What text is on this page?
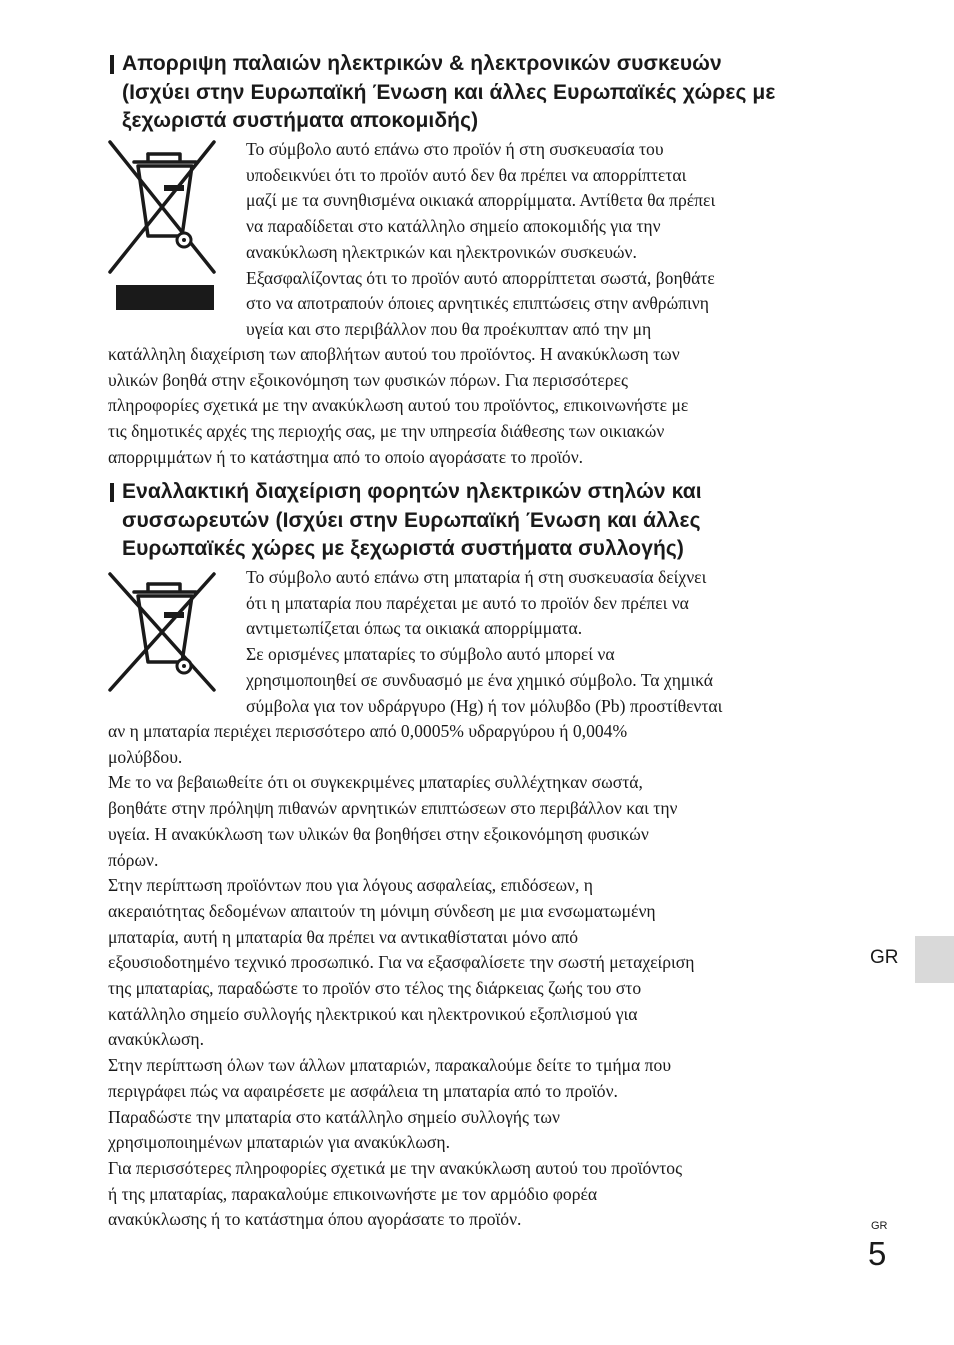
Απορριψη παλαιών ηλεκτρικών & ηλεκτρονικών συσκευών
(Ισχύει στην Ευρωπαϊκή Ένωση και άλλες Ευρωπαϊκές χώρες με
ξεχωριστά συστήματα αποκομιδής)

Το σύμβολο αυτό επάνω στο προϊόν ή στη συσκευασία του
υποδεικνύει ότι το προϊόν αυτό δεν θα πρέπει να απορρίπτεται
μαζί με τα συνηθισμένα οικιακά απορρίμματα. Αντίθετα θα πρέπει
να παραδίδεται στο κατάλληλο σημείο αποκομιδής για την
ανακύκλωση ηλεκτρικών και ηλεκτρονικών συσκευών.
Εξασφαλίζοντας ότι το προϊόν αυτό απορρίπτεται σωστά, βοηθάτε
στο να αποτραπούν όποιες αρνητικές επιπτώσεις στην ανθρώπινη
υγεία και στο περιβάλλον που θα προέκυπταν από την μη

κατάλληλη διαχείριση των αποβλήτων αυτού του προϊόντος. Η ανακύκλωση των
υλικών βοηθά στην εξοικονόμηση των φυσικών πόρων. Για περισσότερες
πληροφορίες σχετικά με την ανακύκλωση αυτού του προϊόντος, επικοινωνήστε με
τις δημοτικές αρχές της περιοχής σας, με την υπηρεσία διάθεσης των οικιακών
απορριμμάτων ή το κατάστημα από το οποίο αγοράσατε το προϊόν.

Εναλλακτική διαχείριση φορητών ηλεκτρικών στηλών και
συσσωρευτών (Ισχύει στην Ευρωπαϊκή Ένωση και άλλες
Ευρωπαϊκές χώρες με ξεχωριστά συστήματα συλλογής)

Το σύμβολο αυτό επάνω στη μπαταρία ή στη συσκευασία δείχνει
ότι η μπαταρία που παρέχεται με αυτό το προϊόν δεν πρέπει να
αντιμετωπίζεται όπως τα οικιακά απορρίμματα.
Σε ορισμένες μπαταρίες το σύμβολο αυτό μπορεί να
χρησιμοποιηθεί σε συνδυασμό με ένα χημικό σύμβολο. Τα χημικά
σύμβολα για τον υδράργυρο (Hg) ή τον μόλυβδο (Pb) προστίθενται

αν η μπαταρία περιέχει περισσότερο από 0,0005% υδραργύρου ή 0,004%
μολύβδου.
Με το να βεβαιωθείτε ότι οι συγκεκριμένες μπαταρίες συλλέχτηκαν σωστά,
βοηθάτε στην πρόληψη πιθανών αρνητικών επιπτώσεων στο περιβάλλον και την
υγεία. Η ανακύκλωση των υλικών θα βοηθήσει στην εξοικονόμηση φυσικών
πόρων.
Στην περίπτωση προϊόντων που για λόγους ασφαλείας, επιδόσεων, η
ακεραιότητας δεδομένων απαιτούν τη μόνιμη σύνδεση με μια ενσωματωμένη
μπαταρία, αυτή η μπαταρία θα πρέπει να αντικαθίσταται μόνο από
εξουσιοδοτημένο τεχνικό προσωπικό. Για να εξασφαλίσετε την σωστή μεταχείριση
της μπαταρίας, παραδώστε το προϊόν στο τέλος της διάρκειας ζωής του στο
κατάλληλο σημείο συλλογής ηλεκτρικού και ηλεκτρονικού εξοπλισμού για
ανακύκλωση.
Στην περίπτωση όλων των άλλων μπαταριών, παρακαλούμε δείτε το τμήμα που
περιγράφει πώς να αφαιρέσετε με ασφάλεια τη μπαταρία από το προϊόν.
Παραδώστε την μπαταρία στο κατάλληλο σημείο συλλογής των
χρησιμοποιημένων μπαταριών για ανακύκλωση.
Για περισσότερες πληροφορίες σχετικά με την ανακύκλωση αυτού του προϊόντος
ή της μπαταρίας, παρακαλούμε επικοινωνήστε με τον αρμόδιο φορέα
ανακύκλωσης ή το κατάστημα όπου αγοράσατε το προϊόν.

GR
GR
5
